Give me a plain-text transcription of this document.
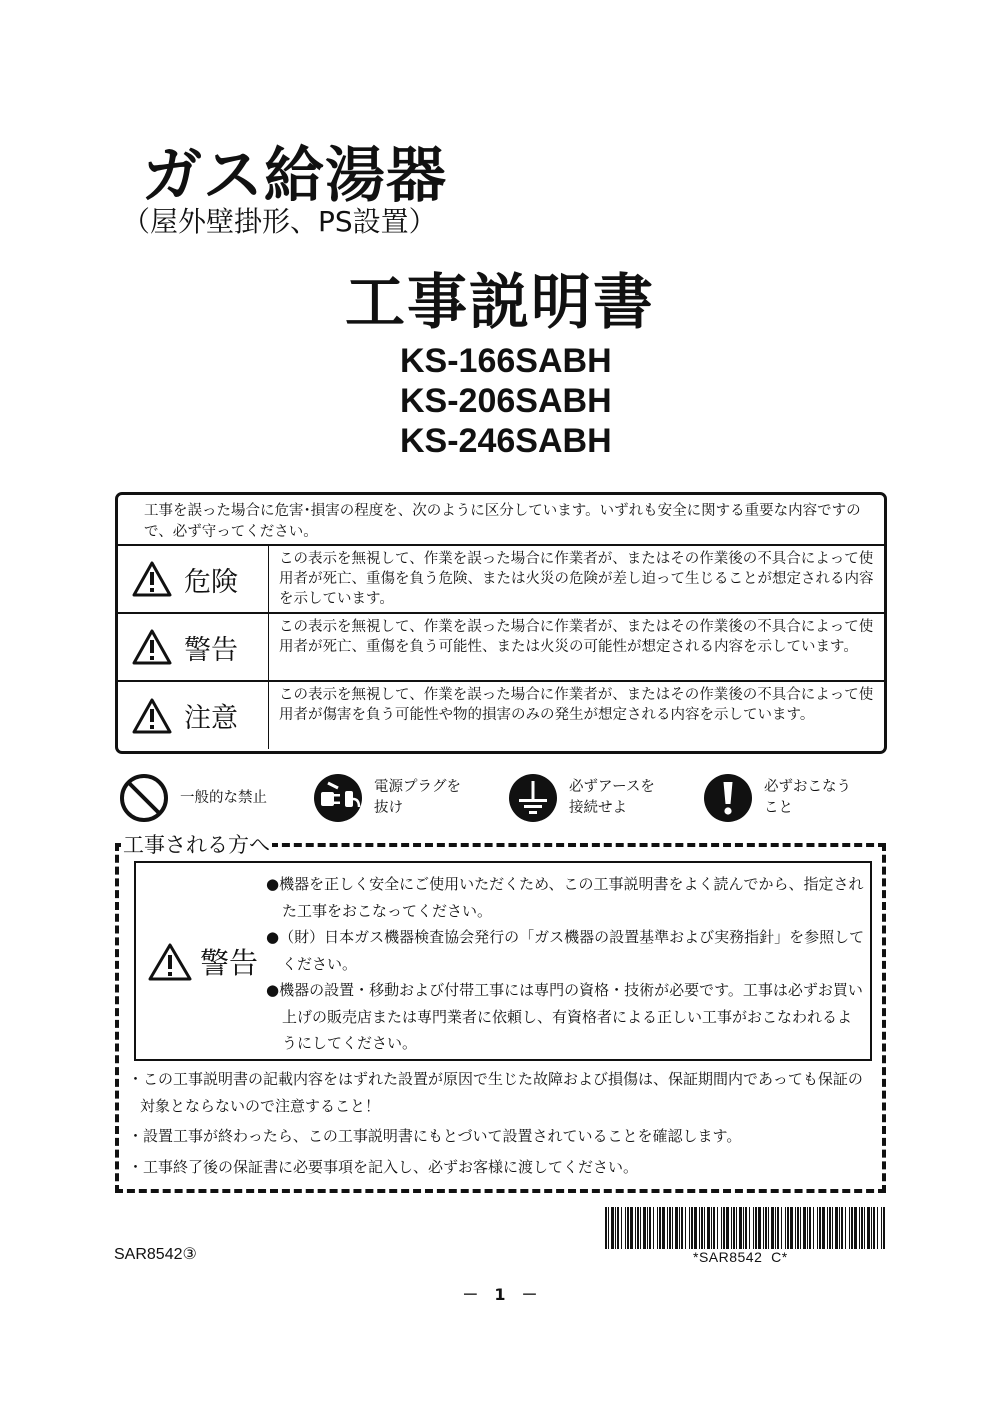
ガス給湯器
（屋外壁掛形、PS設置）
工事説明書
KS-166SABH
KS-206SABH
KS-246SABH
工事を誤った場合に危害･損害の程度を、次のように区分しています。いずれも安全に関する重要な内容ですので、必ず守ってください。
危険
この表示を無視して、作業を誤った場合に作業者が、またはその作業後の不具合によって使用者が死亡、重傷を負う危険、または火災の危険が差し迫って生じることが想定される内容を示しています。
警告
この表示を無視して、作業を誤った場合に作業者が、またはその作業後の不具合によって使用者が死亡、重傷を負う可能性、または火災の可能性が想定される内容を示しています。
注意
この表示を無視して、作業を誤った場合に作業者が、またはその作業後の不具合によって使用者が傷害を負う可能性や物的損害のみの発生が想定される内容を示しています。
一般的な禁止
電源プラグを
抜け
必ずアースを
接続せよ
必ずおこなう
こと
工事される方へ
警告
●機器を正しく安全にご使用いただくため、この工事説明書をよく読んでから、指定された工事をおこなってください。
●（財）日本ガス機器検査協会発行の「ガス機器の設置基準および実務指針」を参照してください。
●機器の設置・移動および付帯工事には専門の資格・技術が必要です。工事は必ずお買い上げの販売店または専門業者に依頼し、有資格者による正しい工事がおこなわれるようにしてください。
・この工事説明書の記載内容をはずれた設置が原因で生じた故障および損傷は、保証期間内であっても保証の対象とならないので注意すること！
・設置工事が終わったら、この工事説明書にもとづいて設置されていることを確認します。
・工事終了後の保証書に必要事項を記入し、必ずお客様に渡してください。
SAR8542③	*SAR8542  C*
－　1　－
